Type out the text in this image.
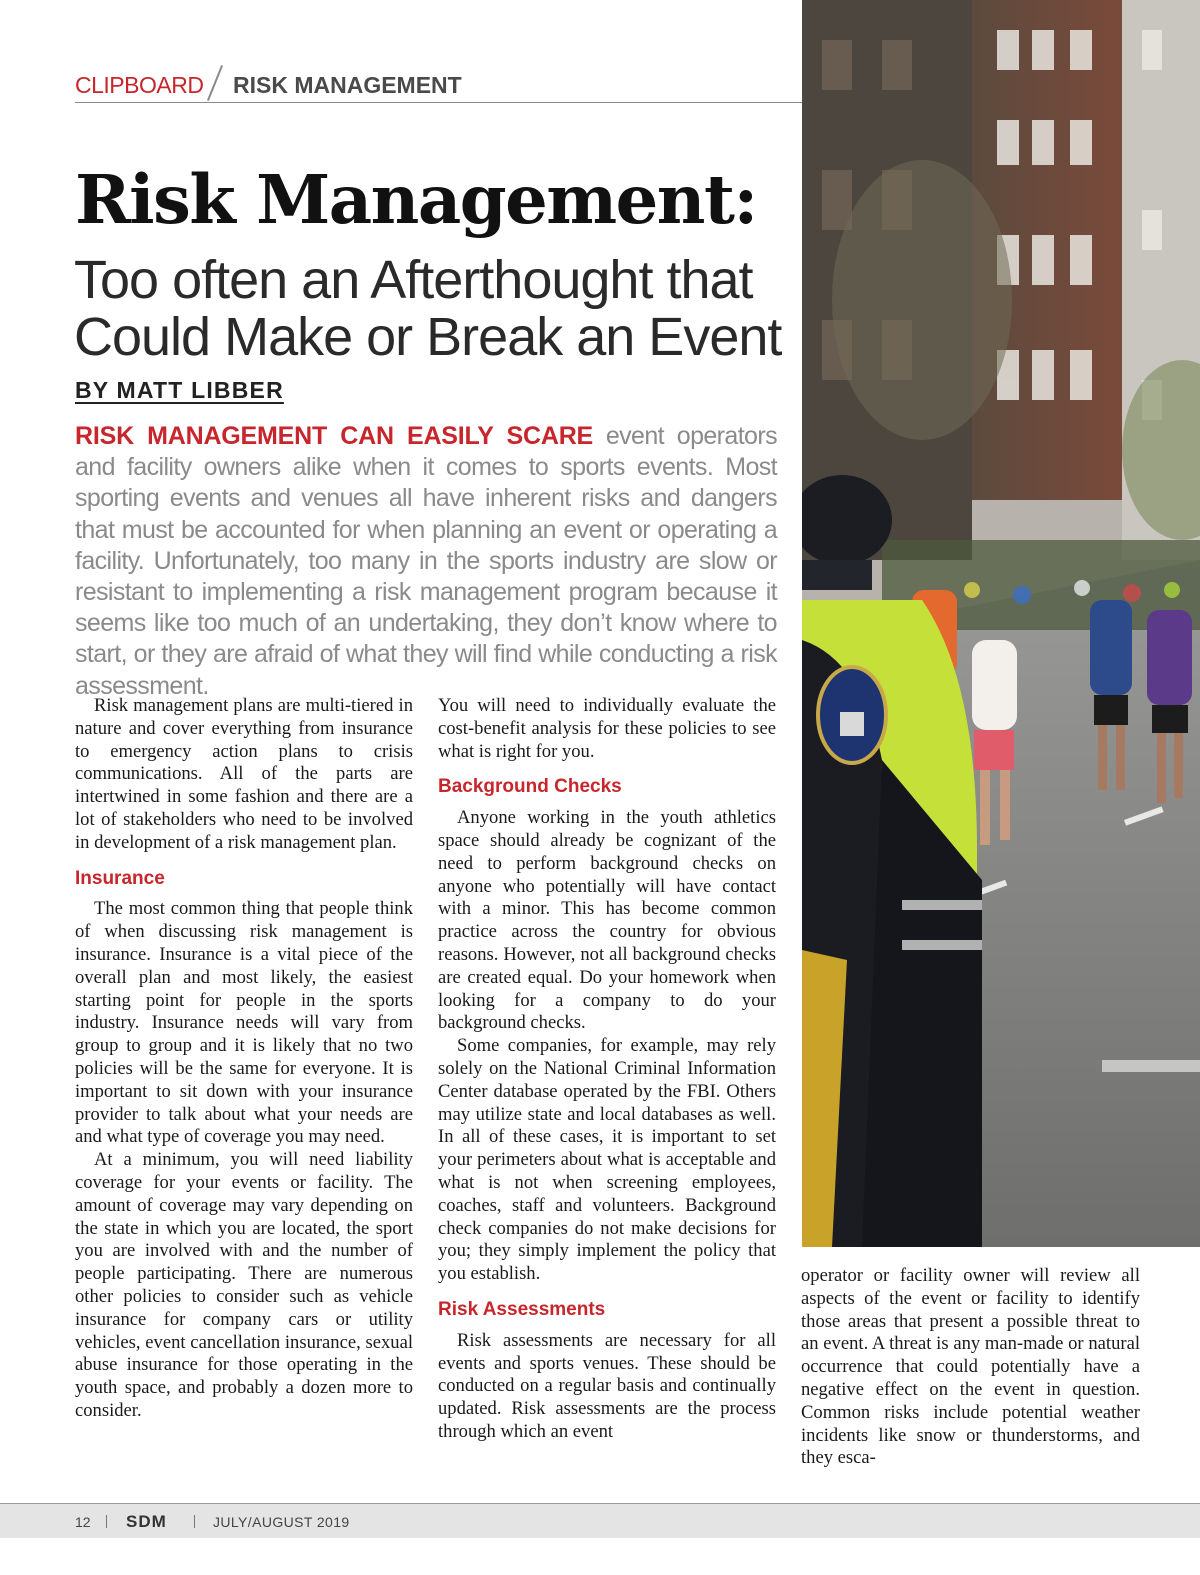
CLIPBOARD RISK MANAGEMENT
Risk Management:
Too often an Afterthought that Could Make or Break an Event
BY MATT LIBBER

RISK MANAGEMENT CAN EASILY SCARE event operators and facility owners alike when it comes to sports events. Most sporting events and venues all have inherent risks and dangers that must be accounted for when planning an event or operating a facility. Unfortunately, too many in the sports industry are slow or resistant to implementing a risk management program because it seems like too much of an undertaking, they don’t know where to start, or they are afraid of what they will find while conducting a risk assessment.

Risk management plans are multi-tiered in nature and cover everything from insurance to emergency action plans to crisis communications. All of the parts are intertwined in some fashion and there are a lot of stakeholders who need to be involved in development of a risk management plan.

Insurance

The most common thing that people think of when discussing risk management is insurance. Insurance is a vital piece of the overall plan and most likely, the easiest starting point for people in the sports industry. Insurance needs will vary from group to group and it is likely that no two policies will be the same for everyone. It is important to sit down with your insurance provider to talk about what your needs are and what type of coverage you may need.

At a minimum, you will need liability coverage for your events or facility. The amount of coverage may vary depending on the state in which you are located, the sport you are involved with and the number of people participating. There are numerous other policies to consider such as vehicle insurance for company cars or utility vehicles, event cancellation insurance, sexual abuse insurance for those operating in the youth space, and probably a dozen more to consider.

You will need to individually evaluate the cost-benefit analysis for these policies to see what is right for you.

Background Checks

Anyone working in the youth athletics space should already be cognizant of the need to perform background checks on anyone who potentially will have contact with a minor. This has become common practice across the country for obvious reasons. However, not all background checks are created equal. Do your homework when looking for a company to do your background checks.

Some companies, for example, may rely solely on the National Criminal Information Center database operated by the FBI. Others may utilize state and local databases as well. In all of these cases, it is important to set your perimeters about what is acceptable and what is not when screening employees, coaches, staff and volunteers. Background check companies do not make decisions for you; they simply implement the policy that you establish.

Risk Assessments

Risk assessments are necessary for all events and sports venues. These should be conducted on a regular basis and continually updated. Risk assessments are the process through which an event

operator or facility owner will review all aspects of the event or facility to identify those areas that present a possible threat to an event. A threat is any man-made or natural occurrence that could potentially have a negative effect on the event in question. Common risks include potential weather incidents like snow or thunderstorms, and they esca-

12 SDM	JULY/AUGUST 2019
